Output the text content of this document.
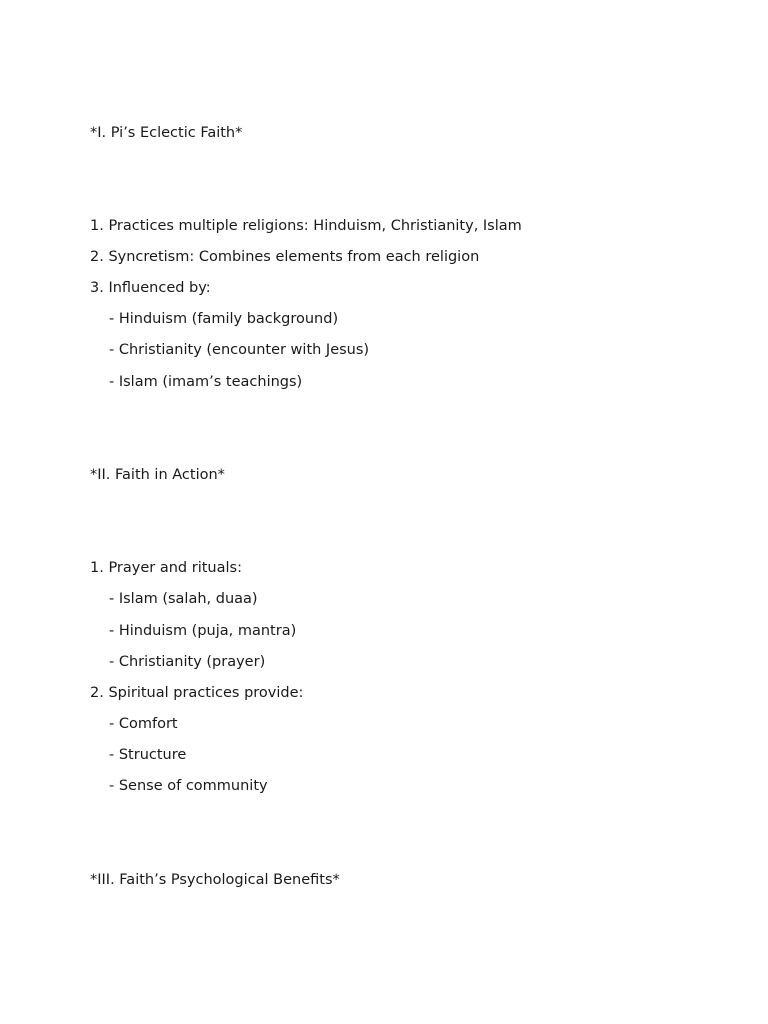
*I. Pi’s Eclectic Faith*
1. Practices multiple religions: Hinduism, Christianity, Islam
2. Syncretism: Combines elements from each religion
3. Influenced by:
- Hinduism (family background)
- Christianity (encounter with Jesus)
- Islam (imam’s teachings)
*II. Faith in Action*
1. Prayer and rituals:
- Islam (salah, duaa)
- Hinduism (puja, mantra)
- Christianity (prayer)
2. Spiritual practices provide:
- Comfort
- Structure
- Sense of community
*III. Faith’s Psychological Benefits*
